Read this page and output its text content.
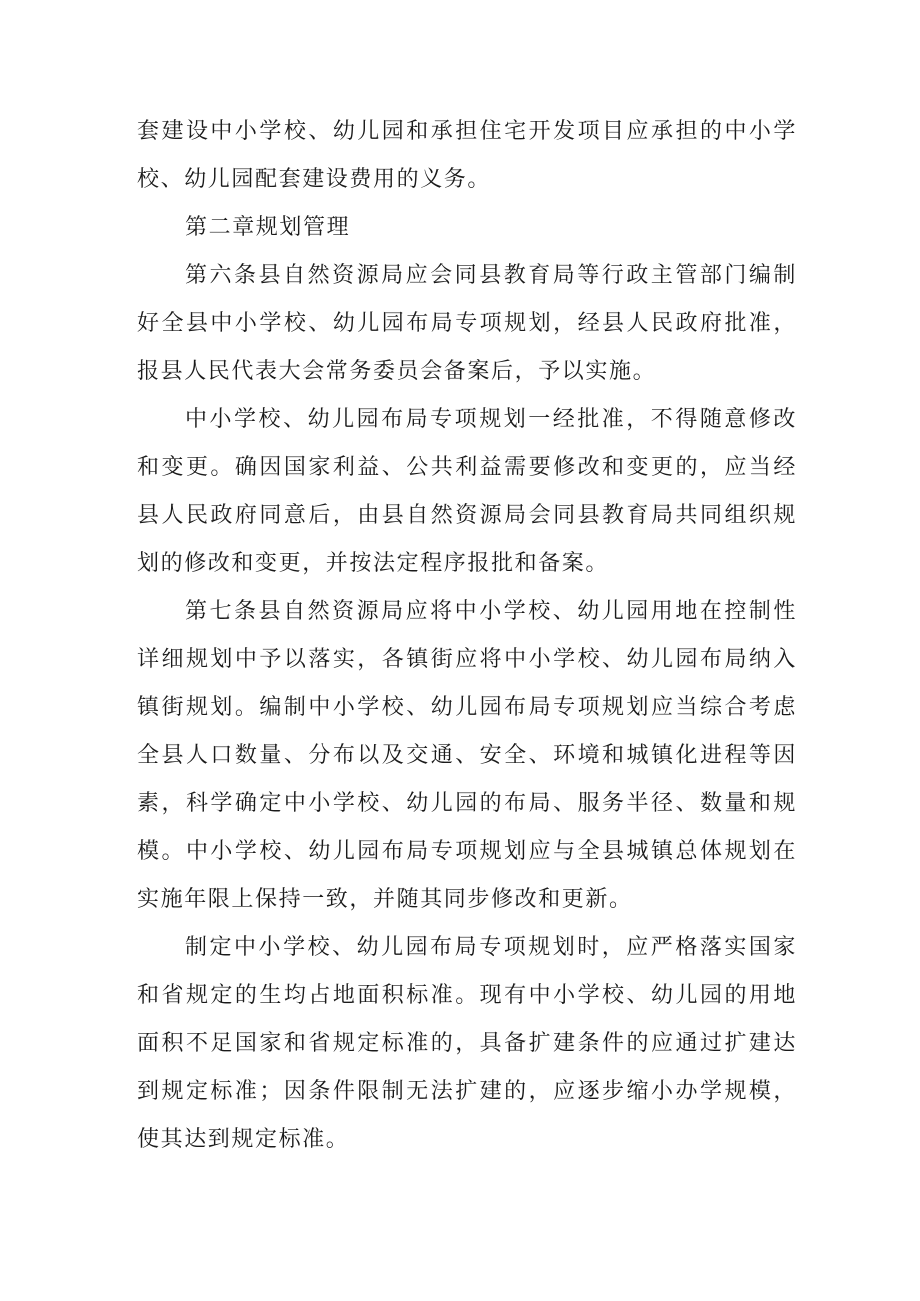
套建设中小学校、幼儿园和承担住宅开发项目应承担的中小学校、幼儿园配套建设费用的义务。

第二章规划管理

第六条县自然资源局应会同县教育局等行政主管部门编制好全县中小学校、幼儿园布局专项规划，经县人民政府批准，报县人民代表大会常务委员会备案后，予以实施。

中小学校、幼儿园布局专项规划一经批准，不得随意修改和变更。确因国家利益、公共利益需要修改和变更的，应当经县人民政府同意后，由县自然资源局会同县教育局共同组织规划的修改和变更，并按法定程序报批和备案。

第七条县自然资源局应将中小学校、幼儿园用地在控制性详细规划中予以落实，各镇街应将中小学校、幼儿园布局纳入镇街规划。编制中小学校、幼儿园布局专项规划应当综合考虑全县人口数量、分布以及交通、安全、环境和城镇化进程等因素，科学确定中小学校、幼儿园的布局、服务半径、数量和规模。中小学校、幼儿园布局专项规划应与全县城镇总体规划在实施年限上保持一致，并随其同步修改和更新。

制定中小学校、幼儿园布局专项规划时，应严格落实国家和省规定的生均占地面积标准。现有中小学校、幼儿园的用地面积不足国家和省规定标准的，具备扩建条件的应通过扩建达到规定标准；因条件限制无法扩建的，应逐步缩小办学规模，使其达到规定标准。
